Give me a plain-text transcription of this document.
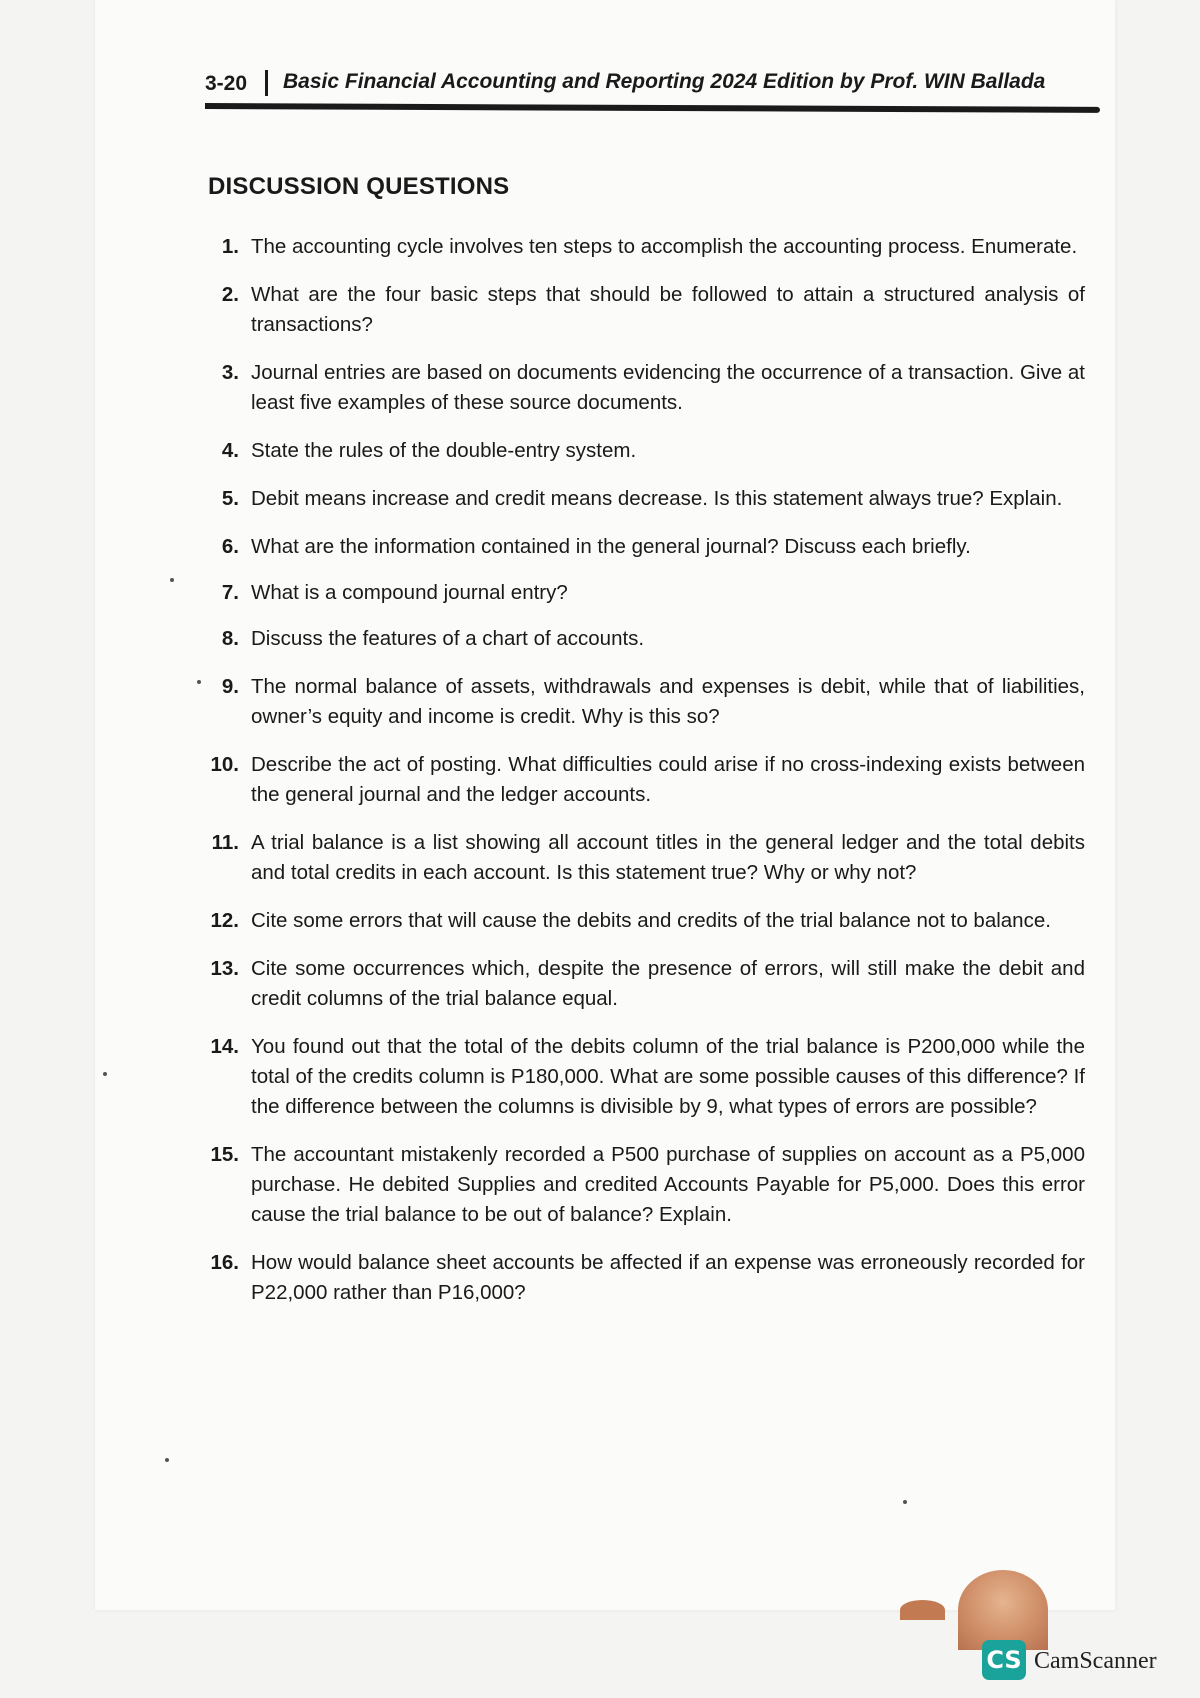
3-20 Basic Financial Accounting and Reporting 2024 Edition by Prof. WIN Ballada
DISCUSSION QUESTIONS
1. The accounting cycle involves ten steps to accomplish the accounting process. Enumerate.
2. What are the four basic steps that should be followed to attain a structured analysis of transactions?
3. Journal entries are based on documents evidencing the occurrence of a transaction. Give at least five examples of these source documents.
4. State the rules of the double-entry system.
5. Debit means increase and credit means decrease. Is this statement always true? Explain.
6. What are the information contained in the general journal? Discuss each briefly.
7. What is a compound journal entry?
8. Discuss the features of a chart of accounts.
9. The normal balance of assets, withdrawals and expenses is debit, while that of liabilities, owner’s equity and income is credit. Why is this so?
10. Describe the act of posting. What difficulties could arise if no cross-indexing exists between the general journal and the ledger accounts.
11. A trial balance is a list showing all account titles in the general ledger and the total debits and total credits in each account. Is this statement true? Why or why not?
12. Cite some errors that will cause the debits and credits of the trial balance not to balance.
13. Cite some occurrences which, despite the presence of errors, will still make the debit and credit columns of the trial balance equal.
14. You found out that the total of the debits column of the trial balance is P200,000 while the total of the credits column is P180,000. What are some possible causes of this difference? If the difference between the columns is divisible by 9, what types of errors are possible?
15. The accountant mistakenly recorded a P500 purchase of supplies on account as a P5,000 purchase. He debited Supplies and credited Accounts Payable for P5,000. Does this error cause the trial balance to be out of balance? Explain.
16. How would balance sheet accounts be affected if an expense was erroneously recorded for P22,000 rather than P16,000?
CS CamScanner
